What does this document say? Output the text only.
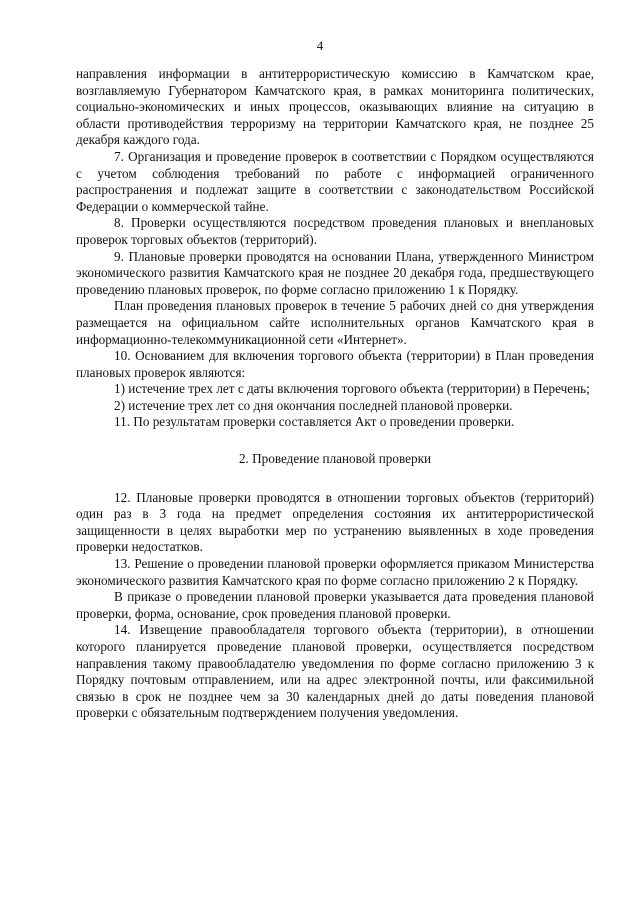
4

направления информации в антитеррористическую комиссию в Камчатском крае, возглавляемую Губернатором Камчатского края, в рамках мониторинга политических, социально-экономических и иных процессов, оказывающих влияние на ситуацию в области противодействия терроризму на территории Камчатского края, не позднее 25 декабря каждого года.

7. Организация и проведение проверок в соответствии с Порядком осуществляются с учетом соблюдения требований по работе с информацией ограниченного распространения и подлежат защите в соответствии с законодательством Российской Федерации о коммерческой тайне.

8. Проверки осуществляются посредством проведения плановых и внеплановых проверок торговых объектов (территорий).

9. Плановые проверки проводятся на основании Плана, утвержденного Министром экономического развития Камчатского края не позднее 20 декабря года, предшествующего проведению плановых проверок, по форме согласно приложению 1 к Порядку.

План проведения плановых проверок в течение 5 рабочих дней со дня утверждения размещается на официальном сайте исполнительных органов Камчатского края в информационно-телекоммуникационной сети «Интернет».

10. Основанием для включения торгового объекта (территории) в План проведения плановых проверок являются:

1) истечение трех лет с даты включения торгового объекта (территории) в Перечень;

2) истечение трех лет со дня окончания последней плановой проверки.

11. По результатам проверки составляется Акт о проведении проверки.

2. Проведение плановой проверки

12. Плановые проверки проводятся в отношении торговых объектов (территорий) один раз в 3 года на предмет определения состояния их антитеррористической защищенности в целях выработки мер по устранению выявленных в ходе проведения проверки недостатков.

13. Решение о проведении плановой проверки оформляется приказом Министерства экономического развития Камчатского края по форме согласно приложению 2 к Порядку.

В приказе о проведении плановой проверки указывается дата проведения плановой проверки, форма, основание, срок проведения плановой проверки.

14. Извещение правообладателя торгового объекта (территории), в отношении которого планируется проведение плановой проверки, осуществляется посредством направления такому правообладателю уведомления по форме согласно приложению 3 к Порядку почтовым отправлением, или на адрес электронной почты, или факсимильной связью в срок не позднее чем за 30 календарных дней до даты поведения плановой проверки с обязательным подтверждением получения уведомления.
